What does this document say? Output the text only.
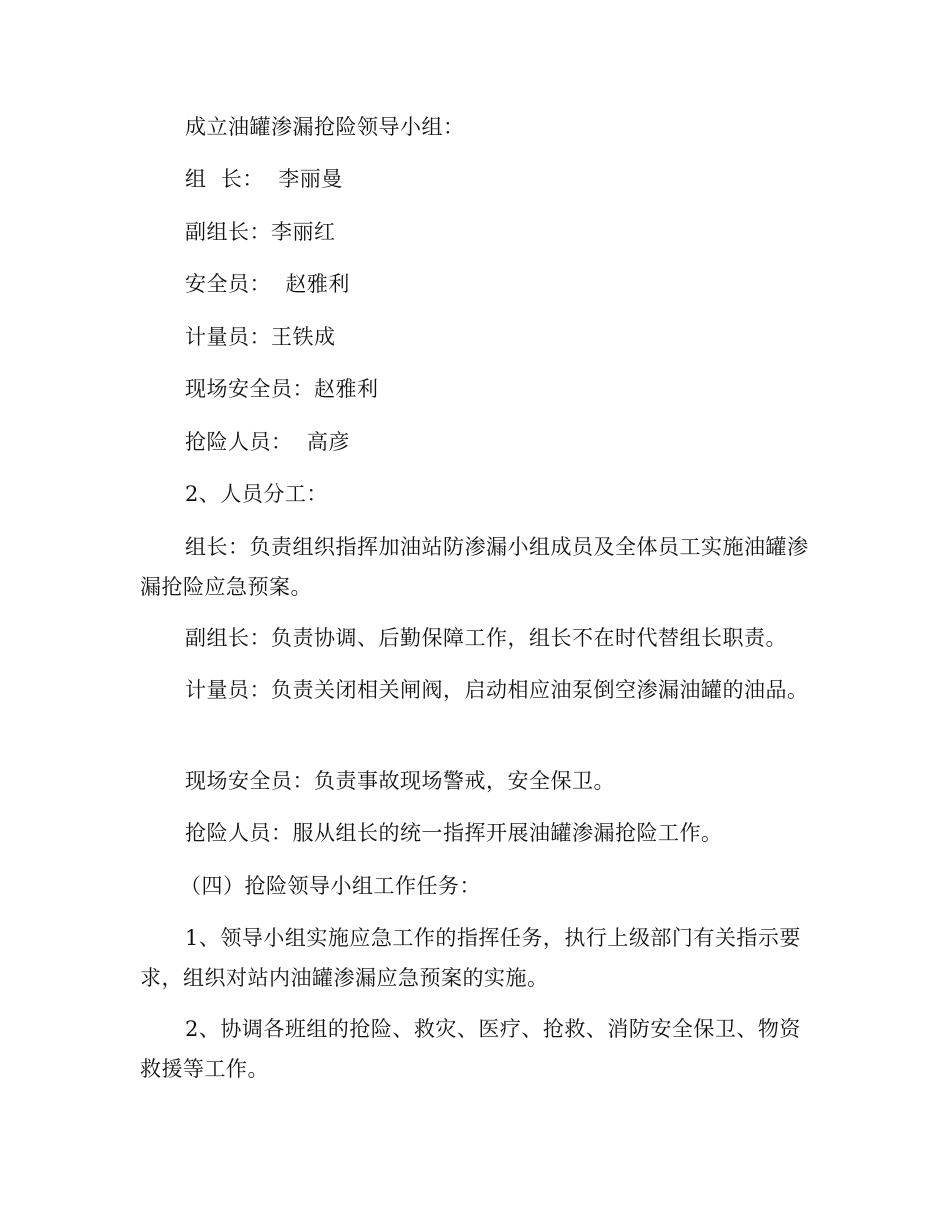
成立油罐渗漏抢险领导小组：

组  长：  李丽曼

副组长：李丽红

安全员：  赵雅利

计量员：王铁成

现场安全员：赵雅利

抢险人员：  高彦

2、人员分工：

组长：负责组织指挥加油站防渗漏小组成员及全体员工实施油罐渗漏抢险应急预案。

副组长：负责协调、后勤保障工作，组长不在时代替组长职责。

计量员：负责关闭相关闸阀，启动相应油泵倒空渗漏油罐的油品。

现场安全员：负责事故现场警戒，安全保卫。

抢险人员：服从组长的统一指挥开展油罐渗漏抢险工作。

（四）抢险领导小组工作任务：

1、领导小组实施应急工作的指挥任务，执行上级部门有关指示要求，组织对站内油罐渗漏应急预案的实施。

2、协调各班组的抢险、救灾、医疗、抢救、消防安全保卫、物资救援等工作。
